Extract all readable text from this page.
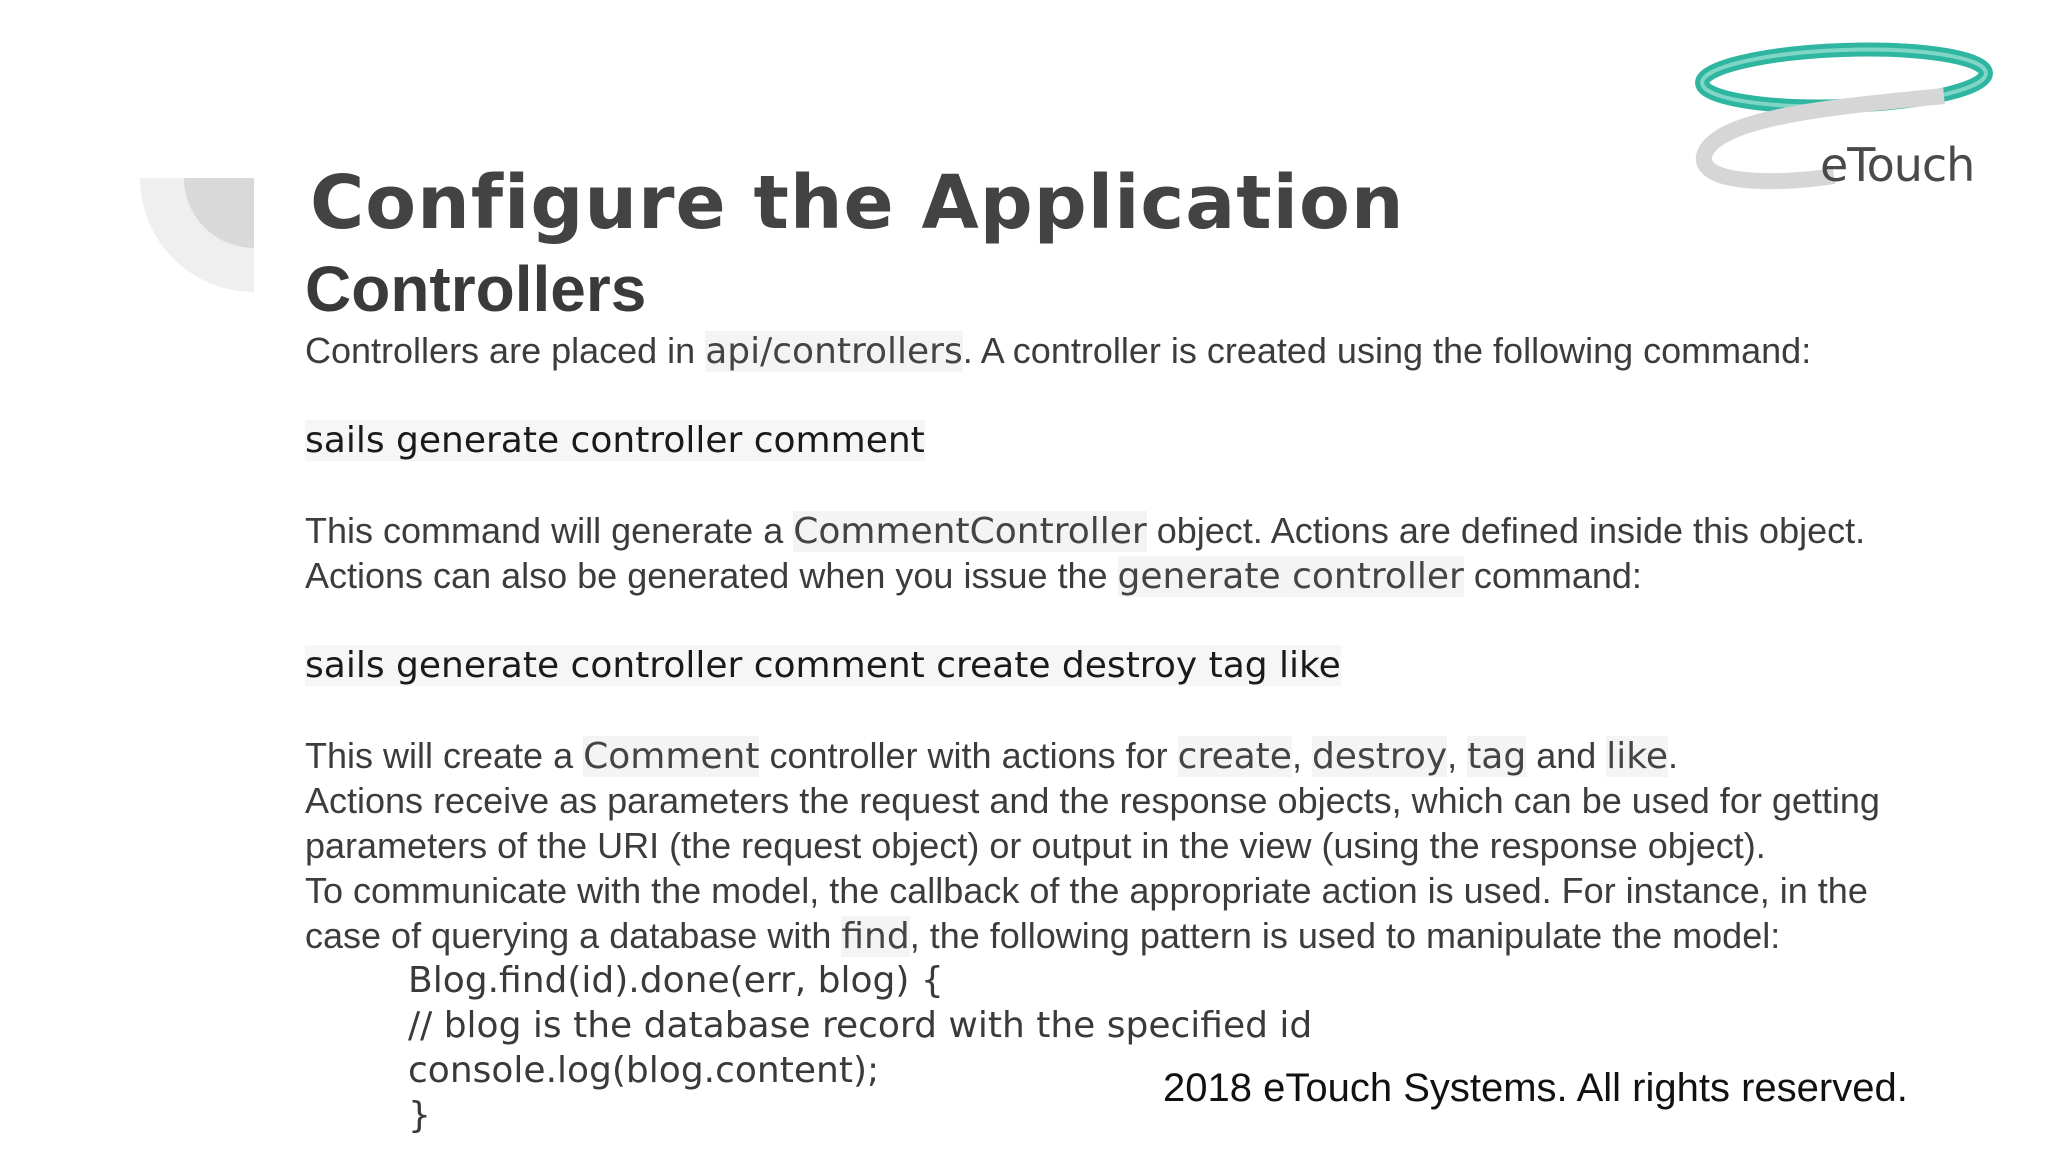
eTouch
Configure the Application
Controllers
Controllers are placed in api/controllers. A controller is created using the following command:
sails generate controller comment
This command will generate a CommentController object. Actions are defined inside this object.
Actions can also be generated when you issue the generate controller command:
sails generate controller comment create destroy tag like
This will create a Comment controller with actions for create, destroy, tag and like.
Actions receive as parameters the request and the response objects, which can be used for getting
parameters of the URI (the request object) or output in the view (using the response object).
To communicate with the model, the callback of the appropriate action is used. For instance, in the
case of querying a database with find, the following pattern is used to manipulate the model:
Blog.find(id).done(err, blog) {
// blog is the database record with the specified id
console.log(blog.content);
}
2018 eTouch Systems. All rights reserved.
